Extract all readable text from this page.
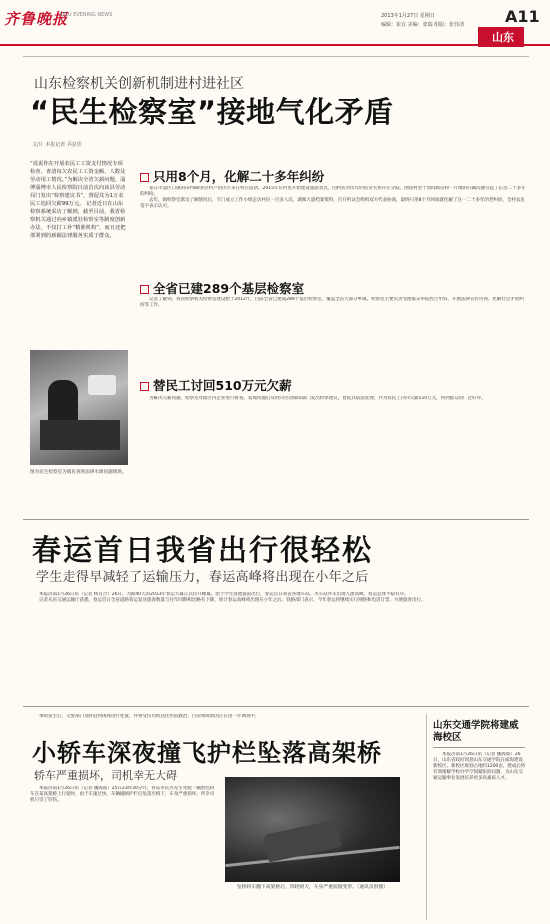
齐鲁晚报
QILU EVENING NEWS	2013年1月27日 星期日
编辑：崔宜 美编：张瑞 组版：张伟清	A11
山东
山东检察机关创新机制进村进社区
“民生检察室”接地气化矛盾
文/片 本报记者 乔显佳
“说说你在开展农民工工资支付情况专项检查、查清每欠农民工工资金额、人数及劳动用工情况。”为解决全省欠薪问题，淄博淄博市人民检察院日前首次向该县劳动局门发出“检察建议书”，督促其为1万农民工追回欠薪99万元。 记者近日在山东检察系统采访了解到，截至目前，我省检察机关通过向乡镇派驻检察室等制度创新办法，不仅打工补“精准机构”，而且还把部署到的新颖法律服务实质于群众。
图为民生检察室为镇民查询法律水源问题现场。
只用8个月，化解二十多年纠纷

家在市淄区口镇的田村80多位村户因历年来在村庄借款，2015年在村里开始建设旅游景点，因村民对历年的借贷关系存在分歧，围绕村里十余间新房和一片地的归属问题引起了长达二十多年的纠纷。

去年，镇检察室派员了解情况后，专门成立工作小组走访村民一百多人次，调阅大量档案资料，召开听证会组织双方代表协商，最终只用8个月时间就化解了这一二十多年的老纠纷，全村农民签字表示认可。

全省已建289个基层检察室

记者了解到，我省检察机关检察室建设始于2012年，目前全省已建成289个基层检察室，覆盖全省大部分乡镇。检察室主要负责受理群众举报控告申诉、开展法律宣传咨询、化解社会矛盾纠纷等工作。

替民工讨回510万元欠薪

为解决欠薪问题，检察室对辖区内企业进行排查，发现问题后及时向劳动保障部门发出检察建议，督促其依法处理，共为农民工讨回欠薪510万元，得到群众的广泛好评。

春运首日我省出行很轻松
学生走得早减轻了运输压力，春运高峰将出现在小年之后

本报济南1月26日讯（记者 杨百合）26日，为期40天的2013年春运大幕正式拉开帷幕。由于学生客流提前出行，春运首日我省各地车站、火车站并未出现人流高峰，客运总体平稳有序。

记者从省交通运输厅获悉，春运首日全省道路客运发送旅客数量与往年同期相比略有下降，预计春运高峰将出现在小年之后。铁路部门表示，今年春运将继续实行网络和电话订票，方便旅客出行。

事故发生后，交警部门及时赶到现场进行处置，并将受伤司机送往医院救治。目前事故原因正在进一步调查中。

小轿车深夜撞飞护栏坠落高架桥
轿车严重损坏，司机幸无大碍

本报济南1月26日讯（记者 魏海波）25日23时30分许，青岛市民苏先生驾驶一辆黑色轿车在某高架桥上行驶时，由于车速过快，车辆撞断护栏后坠落至桥下，车身严重损坏，所幸司机只受了轻伤。

坠桥轿车翻下高架桥后，四轮朝天，车身严重损毁变形。（通讯员供图）
山东交通学院将建威海校区

本报济南1月26日讯（记者 魏海波）26日，山东省政府同意山东交通学院在威海建设新校区。新校区规划占地约1200亩，建成后将有效缓解学校办学空间紧张的问题，为山东交通运输事业发展培养更多高素质人才。
